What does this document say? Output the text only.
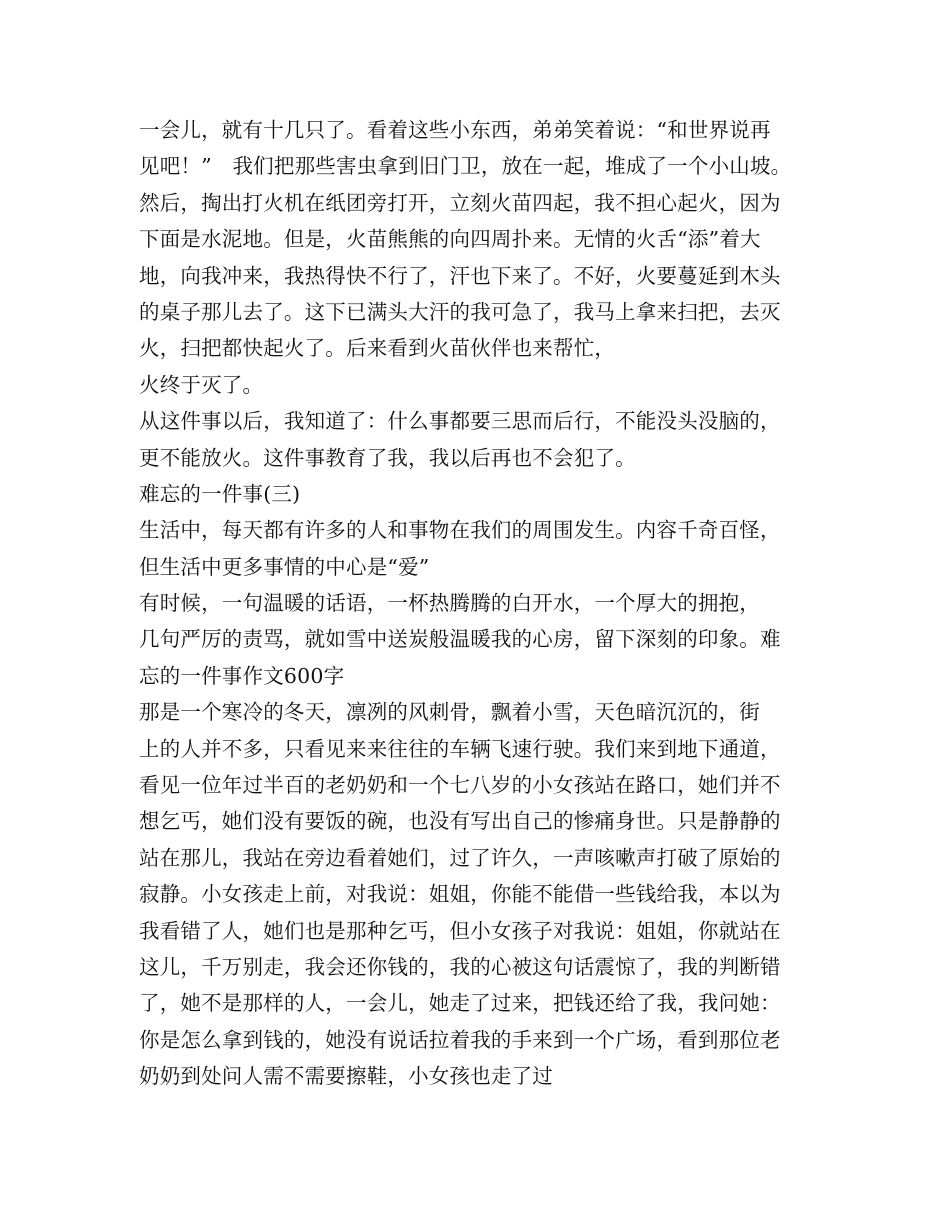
一会儿，就有十几只了。看着这些小东西，弟弟笑着说：“和世界说再
见吧！”　我们把那些害虫拿到旧门卫，放在一起，堆成了一个小山坡。
然后，掏出打火机在纸团旁打开，立刻火苗四起，我不担心起火，因为
下面是水泥地。但是，火苗熊熊的向四周扑来。无情的火舌“添”着大
地，向我冲来，我热得快不行了，汗也下来了。不好，火要蔓延到木头
的桌子那儿去了。这下已满头大汗的我可急了，我马上拿来扫把，去灭
火，扫把都快起火了。后来看到火苗伙伴也来帮忙，
火终于灭了。
从这件事以后，我知道了：什么事都要三思而后行，不能没头没脑的，
更不能放火。这件事教育了我，我以后再也不会犯了。
难忘的一件事(三)
生活中，每天都有许多的人和事物在我们的周围发生。内容千奇百怪，
但生活中更多事情的中心是“爱”
有时候，一句温暖的话语，一杯热腾腾的白开水，一个厚大的拥抱，
几句严厉的责骂，就如雪中送炭般温暖我的心房，留下深刻的印象。难
忘的一件事作文600字
那是一个寒冷的冬天，凛冽的风刺骨，飘着小雪，天色暗沉沉的，街
上的人并不多，只看见来来往往的车辆飞速行驶。我们来到地下通道，
看见一位年过半百的老奶奶和一个七八岁的小女孩站在路口，她们并不
想乞丐，她们没有要饭的碗，也没有写出自己的惨痛身世。只是静静的
站在那儿，我站在旁边看着她们，过了许久，一声咳嗽声打破了原始的
寂静。小女孩走上前，对我说：姐姐，你能不能借一些钱给我，本以为
我看错了人，她们也是那种乞丐，但小女孩子对我说：姐姐，你就站在
这儿，千万别走，我会还你钱的，我的心被这句话震惊了，我的判断错
了，她不是那样的人，一会儿，她走了过来，把钱还给了我，我问她：
你是怎么拿到钱的，她没有说话拉着我的手来到一个广场，看到那位老
奶奶到处问人需不需要擦鞋，小女孩也走了过
